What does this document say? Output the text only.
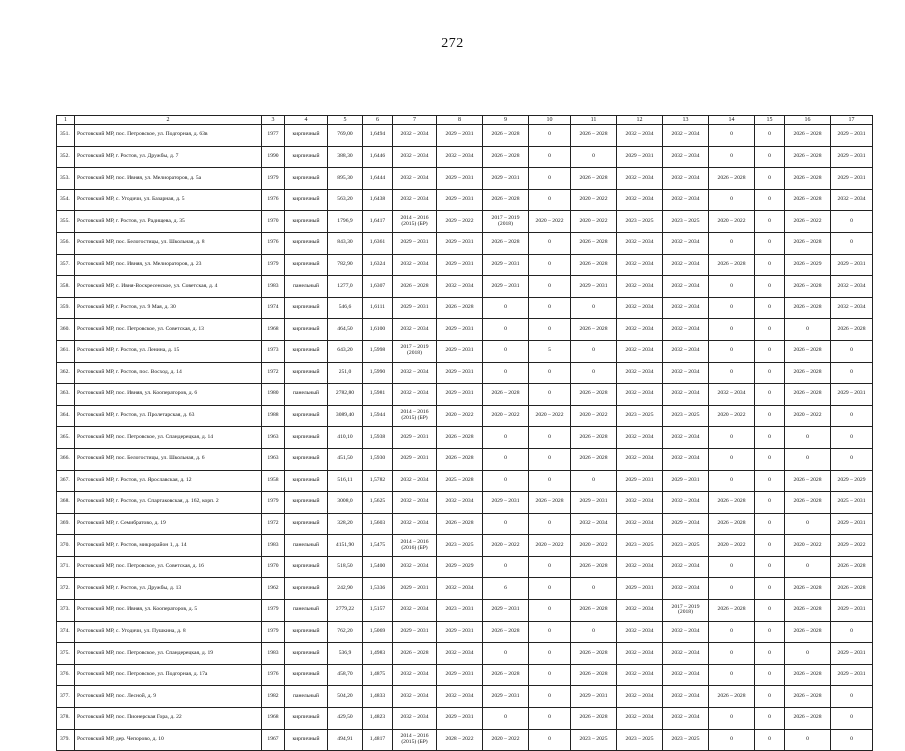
272
1	2	3	4	5	6	7	8	9	10	11	12	13	14	15	16	17
351.	Ростовский МР, пос. Петровское, ул. Подгорная, д. 63в	1977	кирпичный	769,00	1,6494	2032 – 2034	2029 – 2031	2026 – 2028	0	2026 – 2028	2032 – 2034	2032 – 2034	0	0	2026 – 2028	2029 – 2031
352.	Ростовский МР, г. Ростов, ул. Дружбы, д. 7	1990	кирпичный	388,30	1,6446	2032 – 2034	2032 – 2034	2026 – 2028	0	0	2029 – 2031	2032 – 2034	0	0	2026 – 2028	2029 – 2031
353.	Ростовский МР, пос. Ивняя, ул. Мелиораторов, д. 5а	1979	кирпичный	895,30	1,6444	2032 – 2034	2029 – 2031	2029 – 2031	0	2026 – 2028	2032 – 2034	2032 – 2034	2026 – 2028	0	2026 – 2028	2029 – 2031
354.	Ростовский МР, с. Угодичи, ул. Базарная, д. 5	1976	кирпичный	563,20	1,6438	2032 – 2034	2029 – 2031	2026 – 2028	0	2020 – 2022	2032 – 2034	2032 – 2034	0	0	2026 – 2028	2032 – 2034
355.	Ростовский МР, г. Ростов, ул. Радищева, д. 35	1970	кирпичный	1796,9	1,6417	2014 – 2016 (2015) (БР)	2029 – 2022	2017 – 2019 (2018)	2020 – 2022	2020 – 2022	2023 – 2025	2023 – 2025	2020 – 2022	0	2026 – 2022	0
356.	Ростовский МР, пос. Белогостицы, ул. Школьная, д. 8	1976	кирпичный	843,30	1,6361	2029 – 2031	2029 – 2031	2026 – 2028	0	2026 – 2028	2032 – 2034	2032 – 2034	0	0	2026 – 2028	0
357.	Ростовский МР, пос. Ивняя, ул. Мелиораторов, д. 23	1979	кирпичный	782,90	1,6324	2032 – 2034	2029 – 2031	2029 – 2031	0	2026 – 2028	2032 – 2034	2032 – 2034	2026 – 2028	0	2026 – 2029	2029 – 2031
358.	Ростовский МР, с. Ивня-Воскресенское, ул. Советская, д. 4	1983	панельный	1277,0	1,6307	2026 – 2028	2032 – 2034	2029 – 2031	0	2029 – 2031	2032 – 2034	2032 – 2034	0	0	2026 – 2028	2032 – 2034
359.	Ростовский МР, г. Ростов, ул. 9 Мая, д. 30	1974	кирпичный	546,6	1,6111	2029 – 2031	2026 – 2028	0	0	0	2032 – 2034	2032 – 2034	0	0	2026 – 2028	2032 – 2034
360.	Ростовский МР, пос. Петровское, ул. Советская, д. 13	1968	кирпичный	464,50	1,6100	2032 – 2034	2029 – 2031	0	0	2026 – 2028	2032 – 2034	2032 – 2034	0	0	0	2026 – 2028
361.	Ростовский МР, г. Ростов, ул. Ленина, д. 15	1973	кирпичный	643,20	1,5998	2017 – 2019 (2018)	2029 – 2031	0	5	0	2032 – 2034	2032 – 2034	0	0	2026 – 2028	0
362.	Ростовский МР, г. Ростов, пос. Восход, д. 14	1972	кирпичный	251,0	1,5990	2032 – 2034	2029 – 2031	0	0	0	2032 – 2034	2032 – 2034	0	0	2026 – 2028	0
363.	Ростовский МР, пос. Ивняя, ул. Кооператоров, д. 6	1980	панельный	2782,80	1,5981	2032 – 2034	2029 – 2031	2026 – 2028	0	2026 – 2028	2032 – 2034	2032 – 2034	2032 – 2034	0	2026 – 2028	2029 – 2031
364.	Ростовский МР, г. Ростов, ул. Пролетарская, д. 63	1988	кирпичный	3089,40	1,5944	2014 – 2016 (2015) (БР)	2020 – 2022	2020 – 2022	2020 – 2022	2020 – 2022	2023 – 2025	2023 – 2025	2020 – 2022	0	2020 – 2022	0
365.	Ростовский МР, пос. Петровское, ул. Спандерецкая, д. 14	1963	кирпичный	410,10	1,5938	2029 – 2031	2026 – 2028	0	0	2026 – 2028	2032 – 2034	2032 – 2034	0	0	0	0
366.	Ростовский МР, пос. Белогостицы, ул. Школьная, д. 6	1963	кирпичный	451,50	1,5930	2029 – 2031	2026 – 2028	0	0	2026 – 2028	2032 – 2034	2032 – 2034	0	0	0	0
367.	Ростовский МР, г. Ростов, ул. Ярославская, д. 12	1958	кирпичный	516,11	1,5782	2032 – 2034	2025 – 2028	0	0	0	2029 – 2031	2029 – 2031	0	0	2026 – 2028	2029 – 2029
368.	Ростовский МР, г. Ростов, ул. Спартаковская, д. 162, корп. 2	1979	кирпичный	3008,0	1,5625	2032 – 2034	2032 – 2034	2029 – 2031	2026 – 2028	2029 – 2031	2032 – 2034	2032 – 2034	2026 – 2028	0	2026 – 2028	2025 – 2031
369.	Ростовский МР, г. Семибратово, д. 19	1972	кирпичный	328,20	1,5603	2032 – 2034	2026 – 2028	0	0	2032 – 2034	2032 – 2034	2029 – 2034	2026 – 2028	0	0	2029 – 2031
370.	Ростовский МР, г. Ростов, микрорайон 1, д. 14	1983	панельный	4151,90	1,5475	2014 – 2016 (2016) (БР)	2023 – 2025	2020 – 2022	2020 – 2022	2020 – 2022	2023 – 2025	2023 – 2025	2020 – 2022	0	2020 – 2022	2029 – 2022
371.	Ростовский МР, пос. Петровское, ул. Советская, д. 16	1970	кирпичный	518,50	1,5400	2032 – 2034	2029 – 2029	0	0	2026 – 2028	2032 – 2034	2032 – 2034	0	0	0	2026 – 2028
372.	Ростовский МР, г. Ростов, ул. Дружбы, д. 13	1962	кирпичный	242,90	1,5336	2029 – 2031	2032 – 2034	6	0	0	2029 – 2031	2032 – 2034	0	0	2026 – 2028	2026 – 2028
373.	Ростовский МР, пос. Ивняя, ул. Кооператоров, д. 5	1979	панельный	2779,22	1,5157	2032 – 2034	2023 – 2031	2029 – 2031	0	2026 – 2028	2032 – 2034	2017 – 2019 (2018)	2026 – 2028	0	2026 – 2028	2029 – 2031
374.	Ростовский МР, с. Угодичи, ул. Пушкина, д. 8	1979	кирпичный	762,20	1,5069	2029 – 2031	2029 – 2031	2026 – 2028	0	0	2032 – 2034	2032 – 2034	0	0	2026 – 2028	0
375.	Ростовский МР, пос. Петровское, ул. Спандерецкая, д. 19	1983	кирпичный	536,9	1,4983	2026 – 2028	2032 – 2034	0	0	2026 – 2028	2032 – 2034	2032 – 2034	0	0	0	2029 – 2031
376.	Ростовский МР, пос. Петровское, ул. Подгорная, д. 17а	1976	кирпичный	458,70	1,4875	2032 – 2034	2029 – 2031	2026 – 2028	0	2026 – 2028	2032 – 2034	2032 – 2034	0	0	2026 – 2028	2029 – 2031
377.	Ростовский МР, пос. Лесной, д. 9	1982	панельный	504,20	1,4833	2032 – 2034	2032 – 2034	2029 – 2031	0	2029 – 2031	2032 – 2034	2032 – 2034	2026 – 2028	0	2026 – 2028	0
378.	Ростовский МР, пос. Пионерская Гора, д. 22	1968	кирпичный	429,50	1,4823	2032 – 2034	2029 – 2031	0	0	2026 – 2028	2032 – 2034	2032 – 2034	0	0	2026 – 2028	0
379.	Ростовский МР, дер. Чепорово, д. 10	1967	кирпичный	494,91	1,4817	2014 – 2016 (2015) (БР)	2028 – 2022	2020 – 2022	0	2023 – 2025	2023 – 2025	2023 – 2025	0	0	0	0
